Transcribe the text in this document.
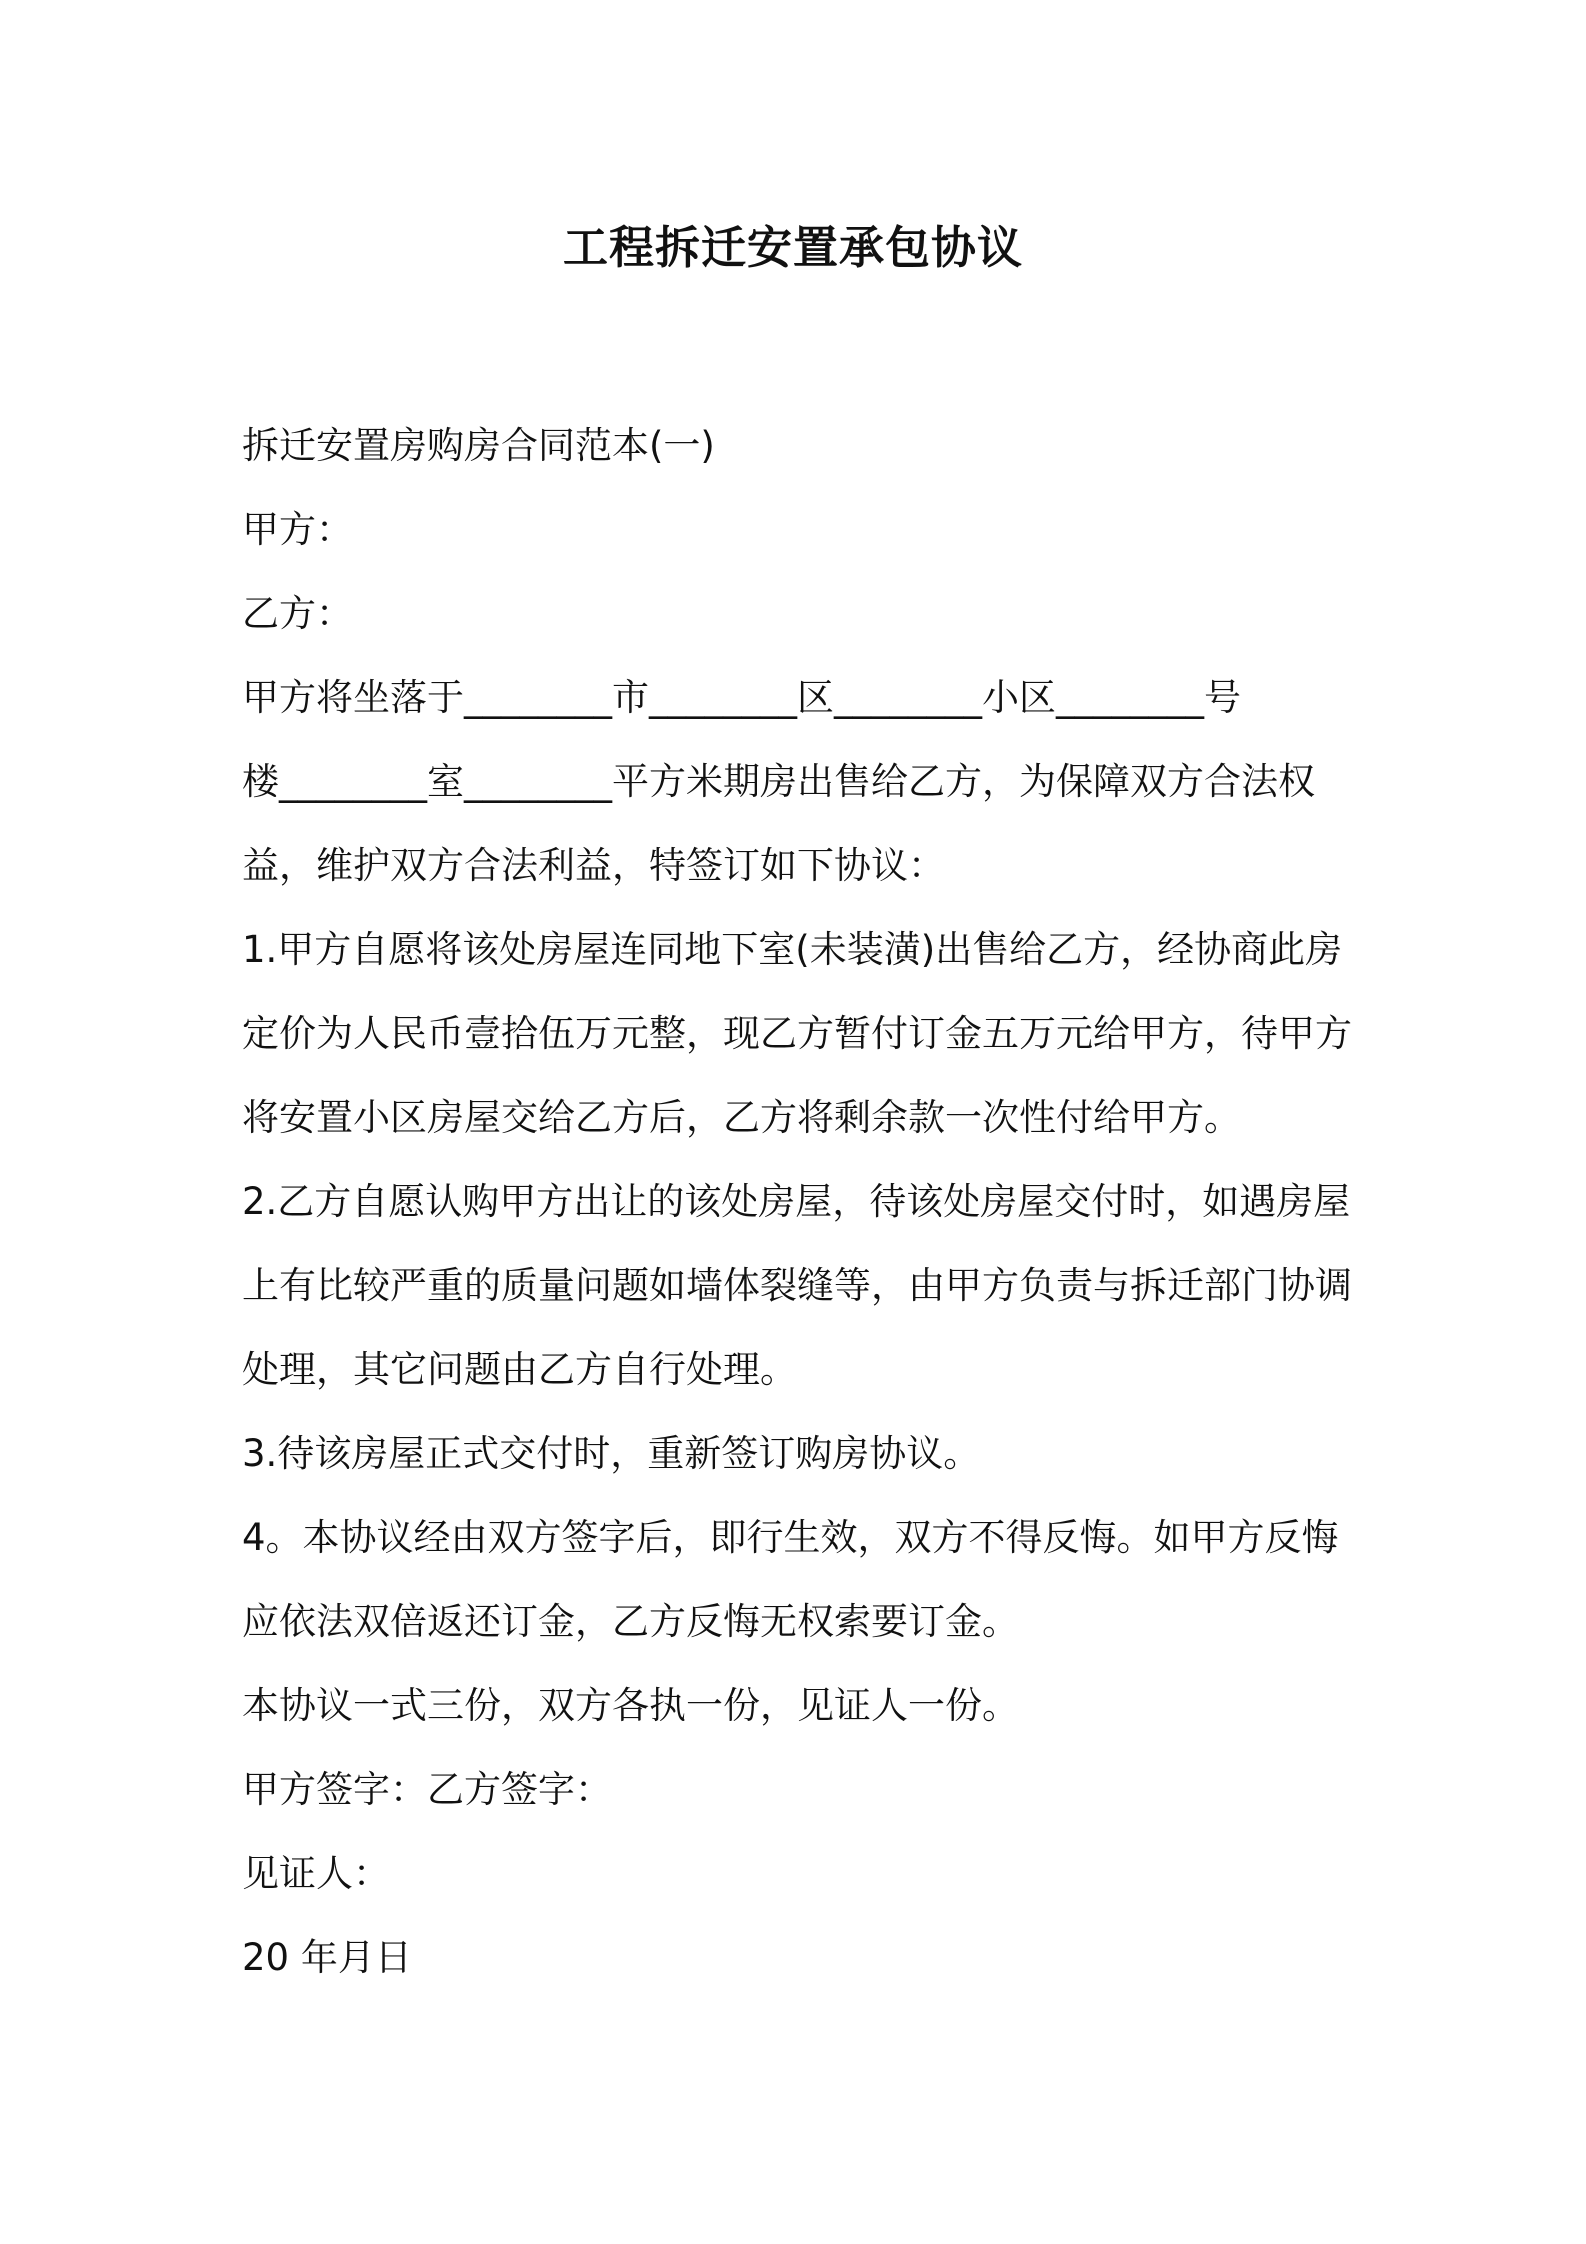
工程拆迁安置承包协议
拆迁安置房购房合同范本(一)
甲方：
乙方：
甲方将坐落于________市________区________小区________号
楼________室________平方米期房出售给乙方，为保障双方合法权
益，维护双方合法利益，特签订如下协议：
1.甲方自愿将该处房屋连同地下室(未装潢)出售给乙方，经协商此房
定价为人民币壹拾伍万元整，现乙方暂付订金五万元给甲方，待甲方
将安置小区房屋交给乙方后，乙方将剩余款一次性付给甲方。
2.乙方自愿认购甲方出让的该处房屋，待该处房屋交付时，如遇房屋
上有比较严重的质量问题如墙体裂缝等，由甲方负责与拆迁部门协调
处理，其它问题由乙方自行处理。
3.待该房屋正式交付时，重新签订购房协议。
4。本协议经由双方签字后，即行生效，双方不得反悔。如甲方反悔
应依法双倍返还订金，乙方反悔无权索要订金。
本协议一式三份，双方各执一份，见证人一份。
甲方签字：乙方签字：
见证人：
20 年月日
